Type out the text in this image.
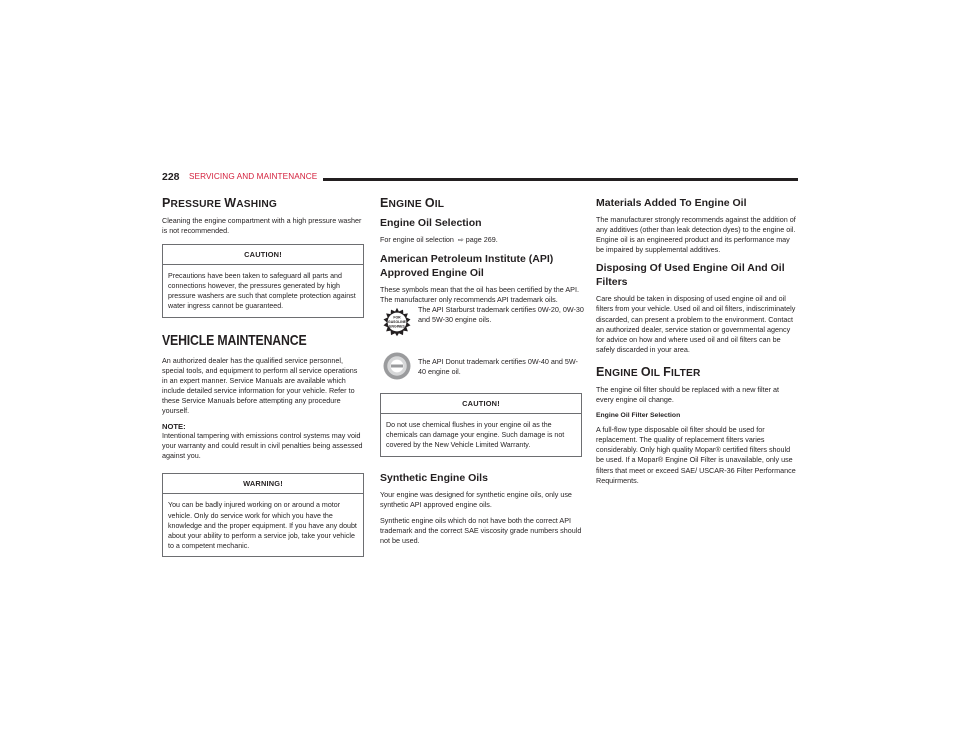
228 SERVICING AND MAINTENANCE
PRESSURE WASHING

Cleaning the engine compartment with a high pressure washer is not recommended.

CAUTION!
Precautions have been taken to safeguard all parts and connections however, the pressures generated by high pressure washers are such that complete protection against water ingress cannot be guaranteed.
VEHICLE MAINTENANCE

An authorized dealer has the qualified service personnel, special tools, and equipment to perform all service operations in an expert manner. Service Manuals are available which include detailed service information for your vehicle. Refer to these Service Manuals before attempting any procedure yourself.

NOTE:

Intentional tampering with emissions control systems may void your warranty and could result in civil penalties being assessed against you.

WARNING!
You can be badly injured working on or around a motor vehicle. Only do service work for which you have the knowledge and the proper equipment. If you have any doubt about your ability to perform a service job, take your vehicle to a competent mechanic.
ENGINE OIL
Engine Oil Selection

For engine oil selection ⇨ page 269.

American Petroleum Institute (API) Approved Engine Oil

These symbols mean that the oil has been certified by the API. The manufacturer only recommends API trademark oils.

FOR
GASOLINE
ENGINES
The API Starburst trademark certifies 0W-20, 0W-30 and 5W-30 engine oils.
The API Donut trademark certifies 0W-40 and 5W-40 engine oil.
CAUTION!
Do not use chemical flushes in your engine oil as the chemicals can damage your engine. Such damage is not covered by the New Vehicle Limited Warranty.
Synthetic Engine Oils

Your engine was designed for synthetic engine oils, only use synthetic API approved engine oils.

Synthetic engine oils which do not have both the correct API trademark and the correct SAE viscosity grade numbers should not be used.

Materials Added To Engine Oil

The manufacturer strongly recommends against the addition of any additives (other than leak detection dyes) to the engine oil. Engine oil is an engineered product and its performance may be impaired by supplemental additives.

Disposing Of Used Engine Oil And Oil Filters

Care should be taken in disposing of used engine oil and oil filters from your vehicle. Used oil and oil filters, indiscriminately discarded, can present a problem to the environment. Contact an authorized dealer, service station or governmental agency for advice on how and where used oil and oil filters can be safely discarded in your area.

ENGINE OIL FILTER

The engine oil filter should be replaced with a new filter at every engine oil change.

Engine Oil Filter Selection

A full-flow type disposable oil filter should be used for replacement. The quality of replacement filters varies considerably. Only high quality Mopar® certified filters should be used. If a Mopar® Engine Oil Filter is unavailable, only use filters that meet or exceed SAE/ USCAR-36 Filter Performance Requirments.
